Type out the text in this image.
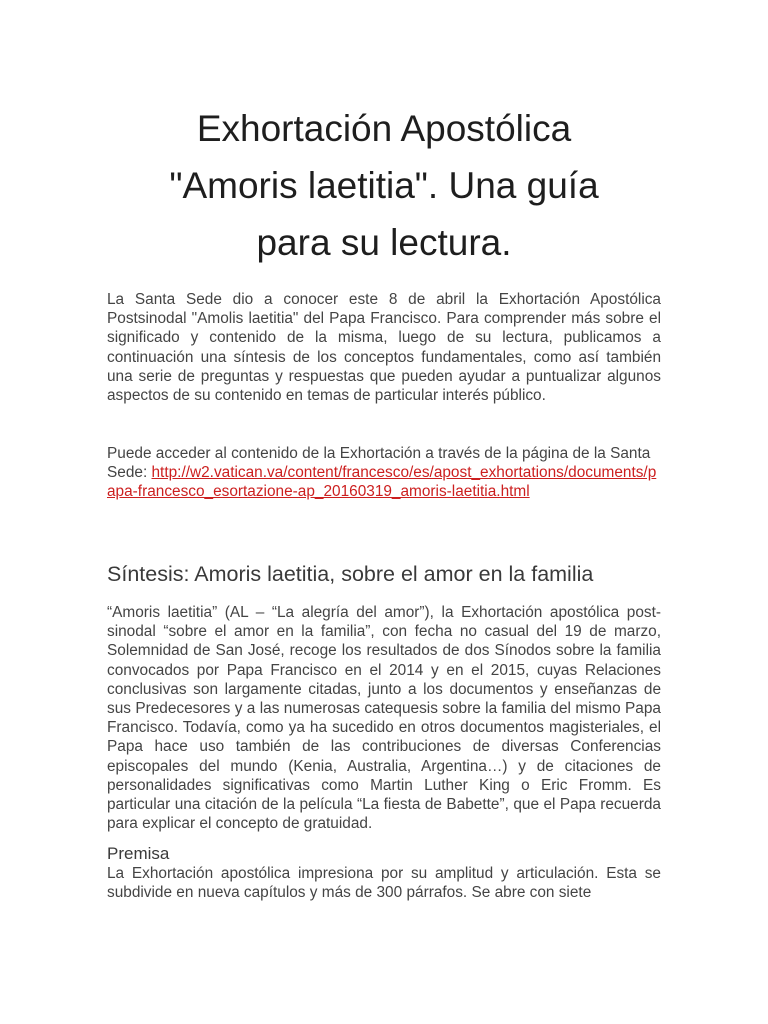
Exhortación Apostólica
"Amoris laetitia". Una guía
para su lectura.

La Santa Sede dio a conocer este 8 de abril la Exhortación Apostólica Postsinodal "Amolis laetitia" del Papa Francisco. Para comprender más sobre el significado y contenido de la misma, luego de su lectura, publicamos a continuación una síntesis de los conceptos fundamentales, como así también una serie de preguntas y respuestas que pueden ayudar a puntualizar algunos aspectos de su contenido en temas de particular interés público.

Puede acceder al contenido de la Exhortación a través de la página de la Santa Sede: http://w2.vatican.va/content/francesco/es/apost_exhortations/documents/papa-francesco_esortazione-ap_20160319_amoris-laetitia.html

Síntesis: Amoris laetitia, sobre el amor en la familia

“Amoris laetitia” (AL – “La alegría del amor”), la Exhortación apostólica post-sinodal “sobre el amor en la familia”, con fecha no casual del 19 de marzo, Solemnidad de San José, recoge los resultados de dos Sínodos sobre la familia convocados por Papa Francisco en el 2014 y en el 2015, cuyas Relaciones conclusivas son largamente citadas, junto a los documentos y enseñanzas de sus Predecesores y a las numerosas catequesis sobre la familia del mismo Papa Francisco. Todavía, como ya ha sucedido en otros documentos magisteriales, el Papa hace uso también de las contribuciones de diversas Conferencias episcopales del mundo (Kenia, Australia, Argentina…) y de citaciones de personalidades significativas como Martin Luther King o Eric Fromm. Es particular una citación de la película “La fiesta de Babette”, que el Papa recuerda para explicar el concepto de gratuidad.

Premisa

La Exhortación apostólica impresiona por su amplitud y articulación. Esta se subdivide en nueva capítulos y más de 300 párrafos. Se abre con siete
